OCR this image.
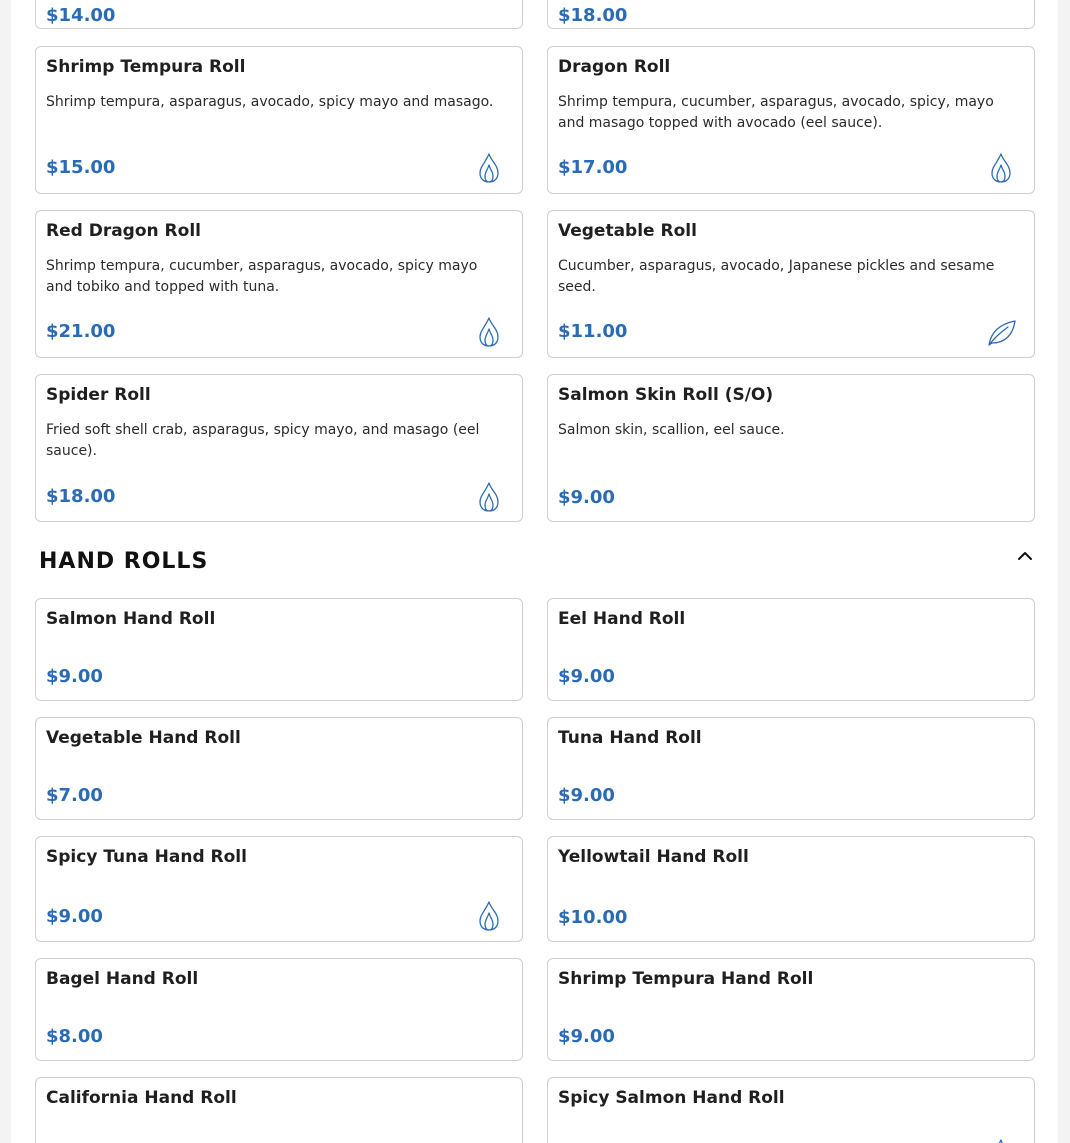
$14.00	$18.00
Shrimp Tempura Roll
Shrimp tempura, asparagus, avocado, spicy mayo and masago.
$15.00
Dragon Roll
Shrimp tempura, cucumber, asparagus, avocado, spicy, mayo and masago topped with avocado (eel sauce).
$17.00
Red Dragon Roll
Shrimp tempura, cucumber, asparagus, avocado, spicy mayo and tobiko and topped with tuna.
$21.00
Vegetable Roll
Cucumber, asparagus, avocado, Japanese pickles and sesame seed.
$11.00
Spider Roll
Fried soft shell crab, asparagus, spicy mayo, and masago (eel sauce).
$18.00
Salmon Skin Roll (S/O)
Salmon skin, scallion, eel sauce.
$9.00
HAND ROLLS
Salmon Hand Roll
$9.00
Eel Hand Roll
$9.00
Vegetable Hand Roll
$7.00
Tuna Hand Roll
$9.00
Spicy Tuna Hand Roll
$9.00
Yellowtail Hand Roll
$10.00
Bagel Hand Roll
$8.00
Shrimp Tempura Hand Roll
$9.00
California Hand Roll	Spicy Salmon Hand Roll
